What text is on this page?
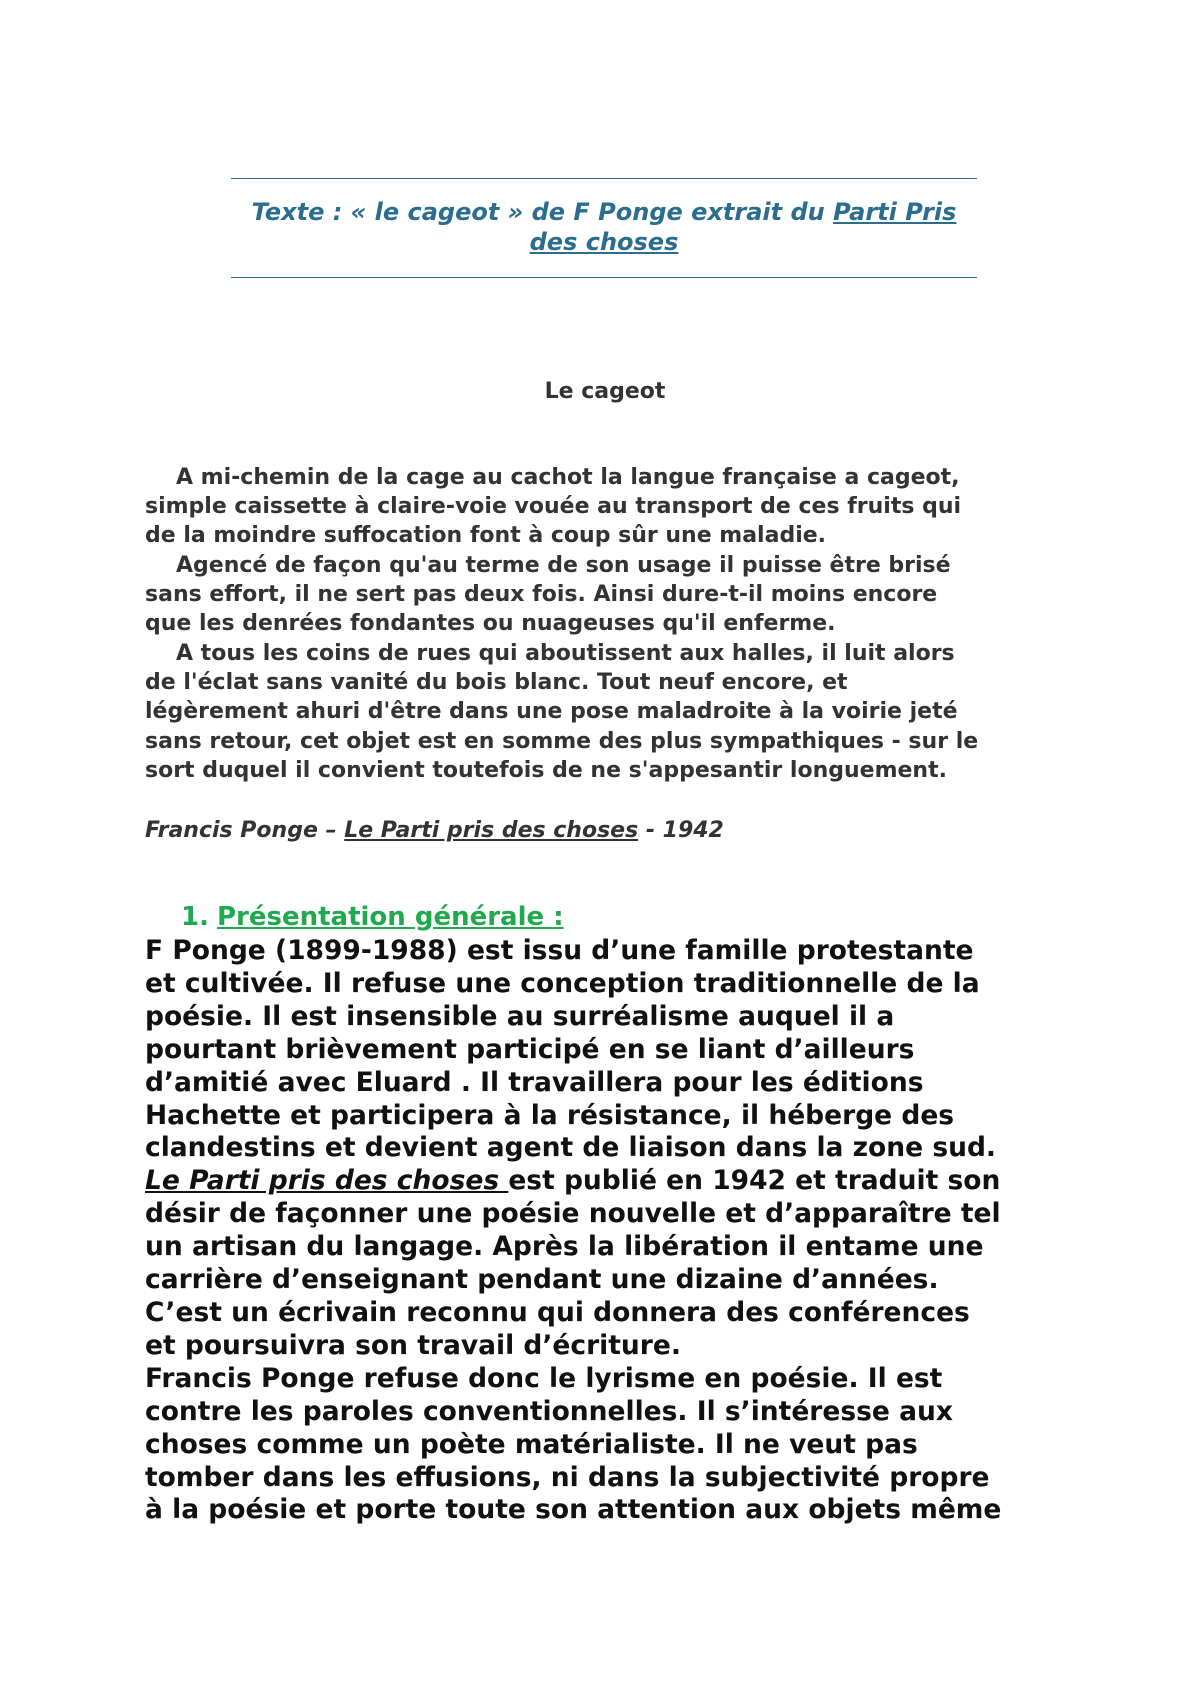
Texte : « le cageot » de F Ponge extrait du Parti Pris
des choses
Le cageot

A mi-chemin de la cage au cachot la langue française a cageot,
simple caissette à claire-voie vouée au transport de ces fruits qui
de la moindre suffocation font à coup sûr une maladie.

Agencé de façon qu'au terme de son usage il puisse être brisé
sans effort, il ne sert pas deux fois. Ainsi dure-t-il moins encore
que les denrées fondantes ou nuageuses qu'il enferme.

A tous les coins de rues qui aboutissent aux halles, il luit alors
de l'éclat sans vanité du bois blanc. Tout neuf encore, et
légèrement ahuri d'être dans une pose maladroite à la voirie jeté
sans retour, cet objet est en somme des plus sympathiques - sur le
sort duquel il convient toutefois de ne s'appesantir longuement.

Francis Ponge – Le Parti pris des choses - 1942
1. Présentation générale :
F Ponge (1899-1988) est issu d’une famille protestante
et cultivée. Il refuse une conception traditionnelle de la
poésie. Il est insensible au surréalisme auquel il a
pourtant brièvement participé en se liant d’ailleurs
d’amitié avec Eluard . Il travaillera pour les éditions
Hachette et participera à la résistance, il héberge des
clandestins et devient agent de liaison dans la zone sud.
Le Parti pris des choses est publié en 1942 et traduit son
désir de façonner une poésie nouvelle et d’apparaître tel
un artisan du langage. Après la libération il entame une
carrière d’enseignant pendant une dizaine d’années.
C’est un écrivain reconnu qui donnera des conférences
et poursuivra son travail d’écriture.
Francis Ponge refuse donc le lyrisme en poésie. Il est
contre les paroles conventionnelles. Il s’intéresse aux
choses comme un poète matérialiste. Il ne veut pas
tomber dans les effusions, ni dans la subjectivité propre
à la poésie et porte toute son attention aux objets même
